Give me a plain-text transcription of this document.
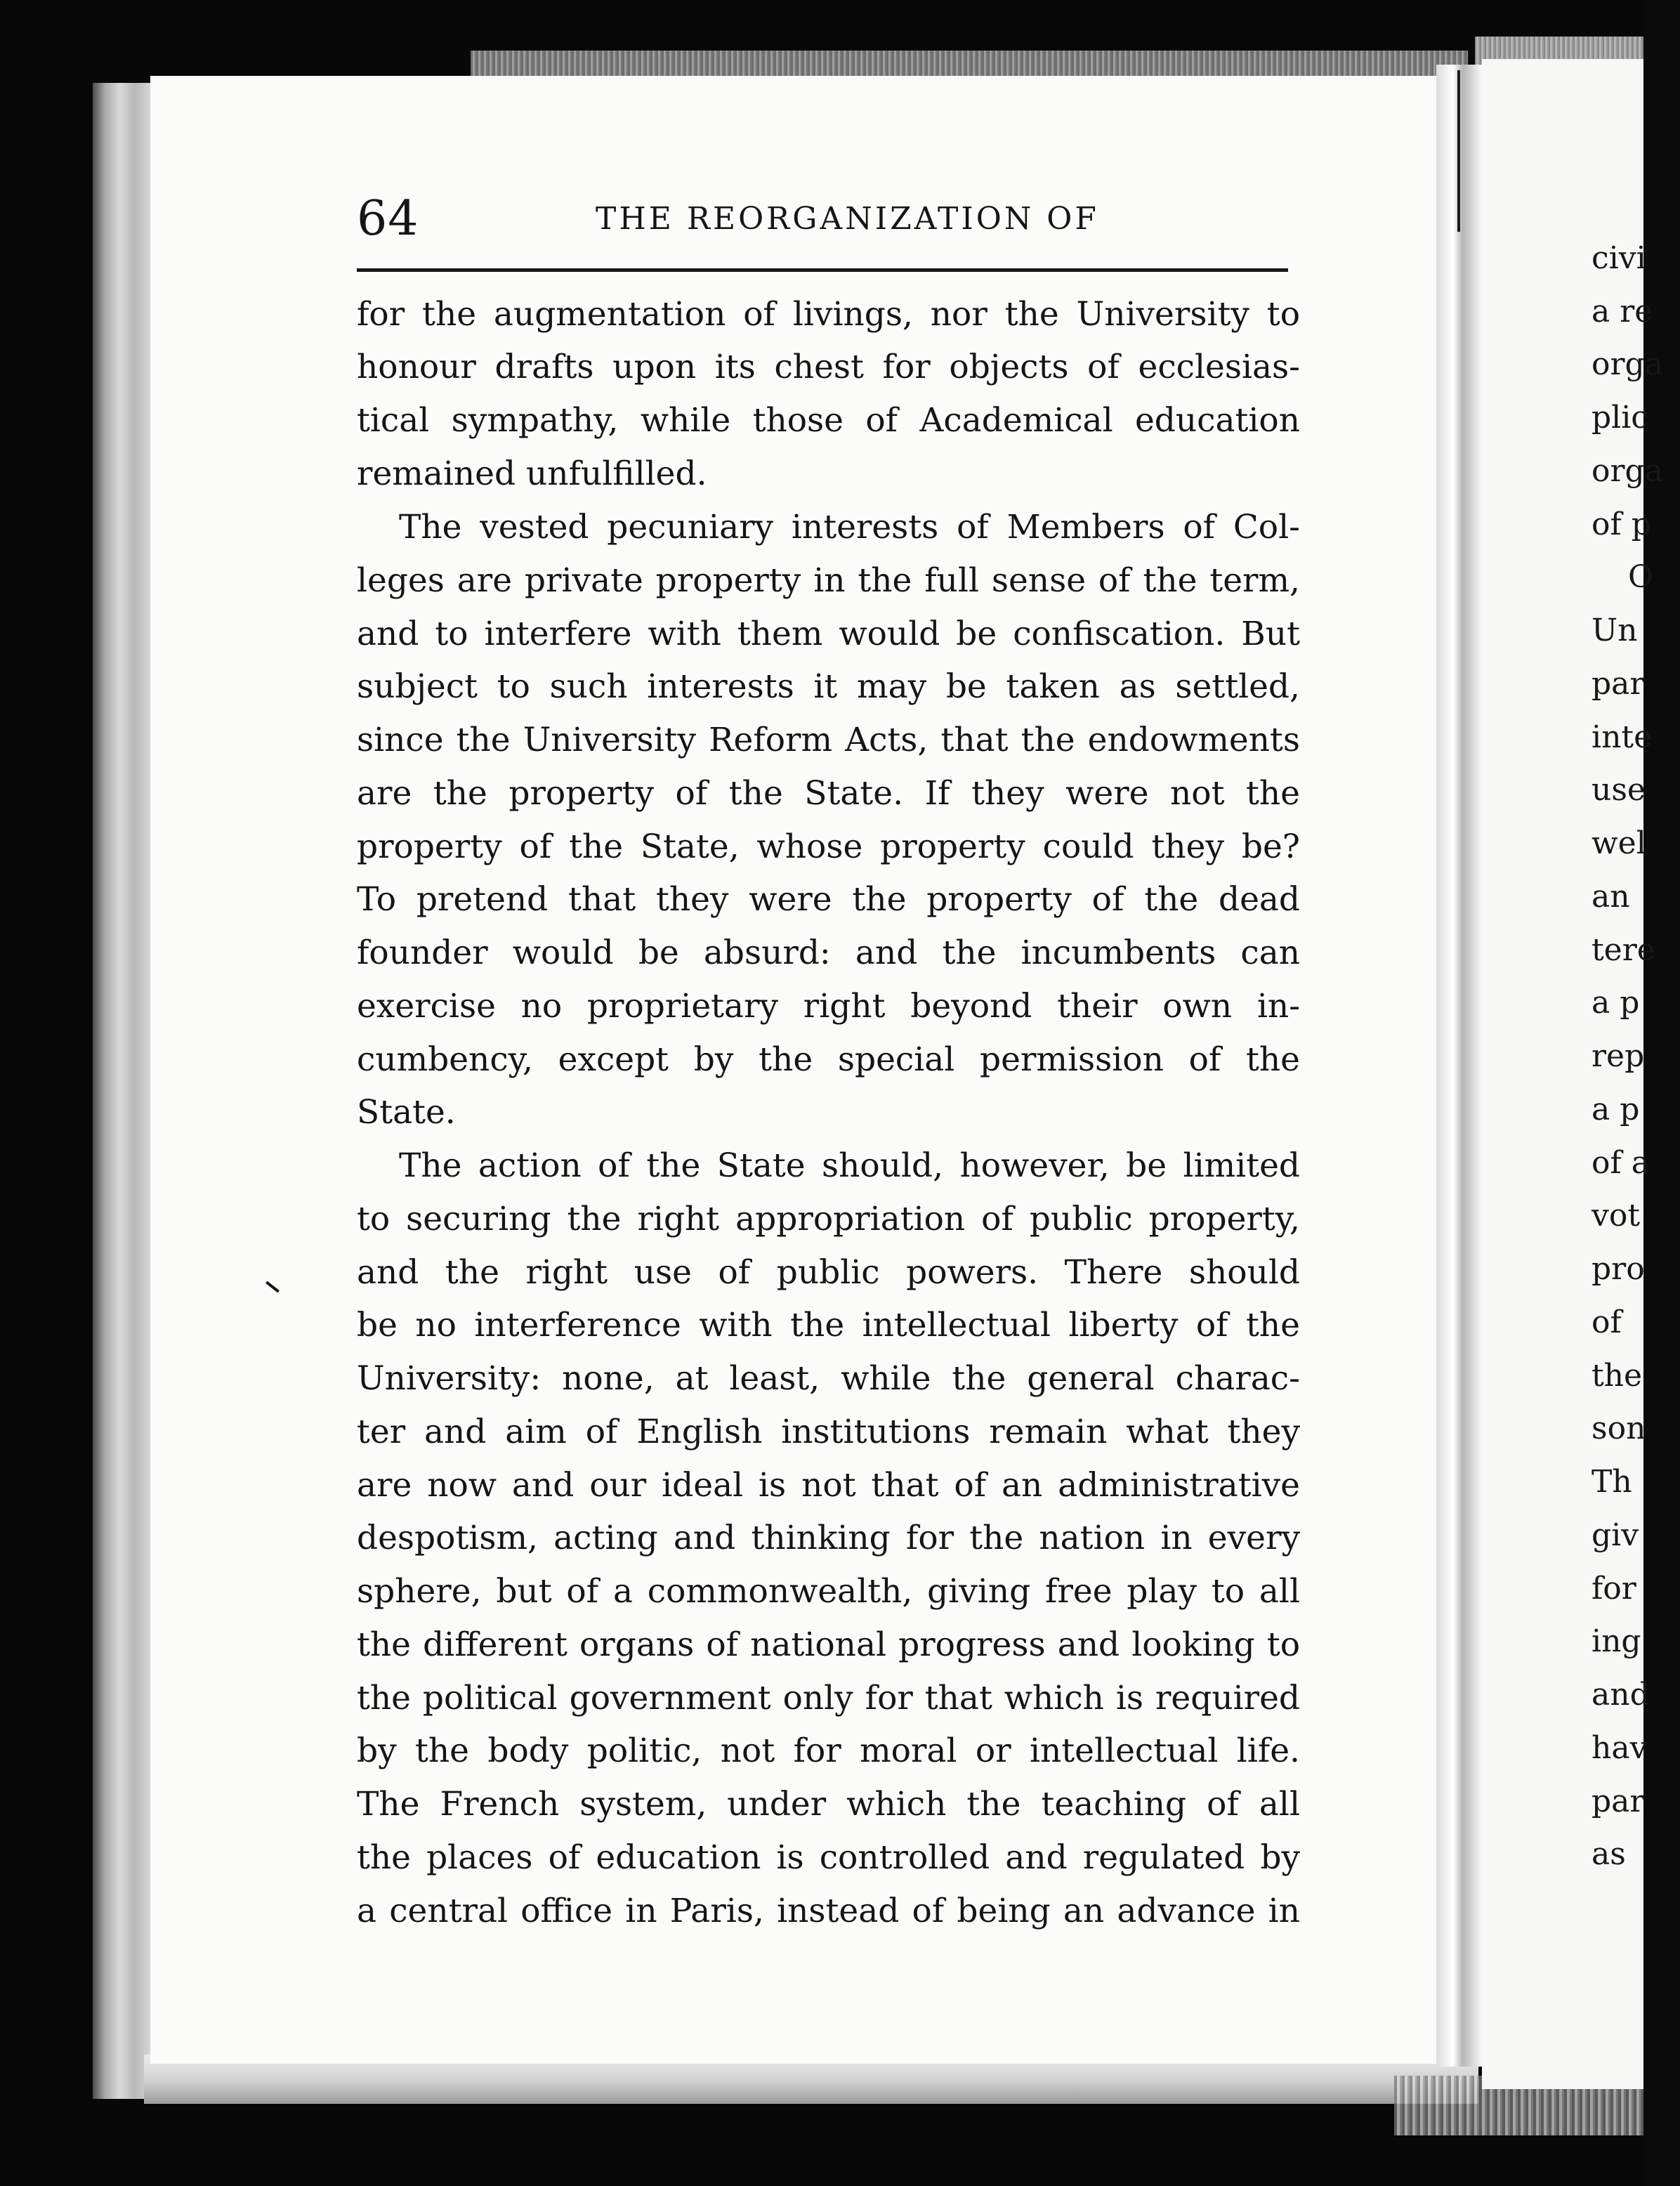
64	THE REORGANIZATION OF
for the augmentation of livings, nor the University to
honour drafts upon its chest for objects of ecclesias-
tical sympathy, while those of Academical education
remained unfulfilled.
The vested pecuniary interests of Members of Col-
leges are private property in the full sense of the term,
and to interfere with them would be confiscation. But
subject to such interests it may be taken as settled,
since the University Reform Acts, that the endowments
are the property of the State. If they were not the
property of the State, whose property could they be?
To pretend that they were the property of the dead
founder would be absurd: and the incumbents can
exercise no proprietary right beyond their own in-
cumbency, except by the special permission of the
State.
The action of the State should, however, be limited
to securing the right appropriation of public property,
and the right use of public powers. There should
be no interference with the intellectual liberty of the
University: none, at least, while the general charac-
ter and aim of English institutions remain what they
are now and our ideal is not that of an administrative
despotism, acting and thinking for the nation in every
sphere, but of a commonwealth, giving free play to all
the different organs of national progress and looking to
the political government only for that which is required
by the body politic, not for moral or intellectual life.
The French system, under which the teaching of all
the places of education is controlled and regulated by
a central office in Paris, instead of being an advance in
civi
a re
orga
plic
orga
of p
O
Un
par
inte
use
wel
an
tere
a p
rep
a p
of a
vot
pro
of
the
son
Th
giv
for
ing
and
hav
par
as
